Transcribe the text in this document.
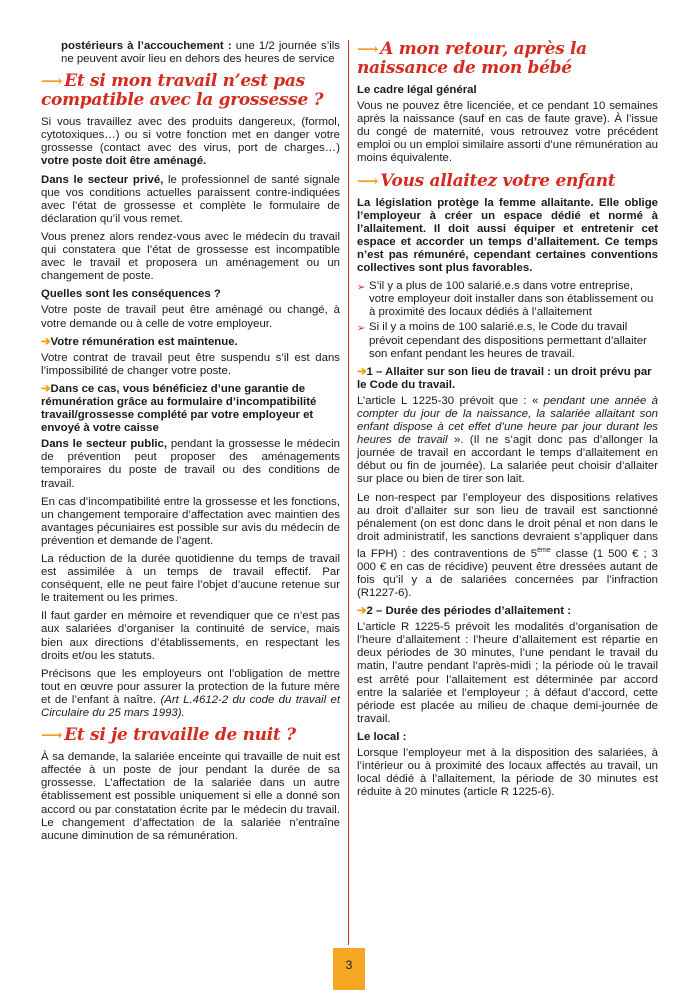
postérieurs à l’accouchement : une 1/2 journée s’ils ne peuvent avoir lieu en dehors des heures de service

⟶ Et si mon travail n’est pas compatible avec la grossesse ?

Si vous travaillez avec des produits dangereux, (formol, cytotoxiques…) ou si votre fonction met en danger votre grossesse (contact avec des virus, port de charges…) votre poste doit être aménagé.

Dans le secteur privé, le professionnel de santé signale que vos conditions actuelles paraissent contre-indiquées avec l’état de grossesse et complète le formulaire de déclaration qu’il vous remet.

Vous prenez alors rendez-vous avec le médecin du travail qui constatera que l’état de grossesse est incompatible avec le travail et proposera un aménagement ou un changement de poste.

Quelles sont les conséquences ?

Votre poste de travail peut être aménagé ou changé, à votre demande ou à celle de votre employeur.

➔Votre rémunération est maintenue.

Votre contrat de travail peut être suspendu s’il est dans l’impossibilité de changer votre poste.

➔Dans ce cas, vous bénéficiez d’une garantie de rémunération grâce au formulaire d’incompatibilité travail/grossesse complété par votre employeur et envoyé à votre caisse

Dans le secteur public, pendant la grossesse le médecin de prévention peut proposer des aménagements temporaires du poste de travail ou des conditions de travail.

En cas d’incompatibilité entre la grossesse et les fonctions, un changement temporaire d’affectation avec maintien des avantages pécuniaires est possible sur avis du médecin de prévention et demande de l’agent.

La réduction de la durée quotidienne du temps de travail est assimilée à un temps de travail effectif. Par conséquent, elle ne peut faire l’objet d’aucune retenue sur le traitement ou les primes.

Il faut garder en mémoire et revendiquer que ce n’est pas aux salariées d’organiser la continuité de service, mais bien aux directions d’établissements, en respectant les droits et/ou les statuts.

Précisons que les employeurs ont l’obligation de mettre tout en œuvre pour assurer la protection de la future mère et de l’enfant à naître. (Art L.4612-2 du code du travail et Circulaire du 25 mars 1993).

⟶ Et si je travaille de nuit ?

À sa demande, la salariée enceinte qui travaille de nuit est affectée à un poste de jour pendant la durée de sa grossesse. L’affectation de la salariée dans un autre établissement est possible uniquement si elle a donné son accord ou par constatation écrite par le médecin du travail. Le changement d’affectation de la salariée n’entraîne aucune diminution de sa rémunération.

⟶ A mon retour, après la naissance de mon bébé
Le cadre légal général

Vous ne pouvez être licenciée, et ce pendant 10 semaines après la naissance (sauf en cas de faute grave). À l’issue du congé de maternité, vous retrouvez votre précédent emploi ou un emploi similaire assorti d’une rémunération au moins équivalente.

⟶ Vous allaitez votre enfant

La législation protège la femme allaitante. Elle oblige l’employeur à créer un espace dédié et normé à l’allaitement. Il doit aussi équiper et entretenir cet espace et accorder un temps d’allaitement. Ce temps n’est pas rémunéré, cependant certaines conventions collectives sont plus favorables.

➢ S’il y a plus de 100 salarié.e.s dans votre entreprise, votre employeur doit installer dans son établissement ou à proximité des locaux dédiés à l’allaitement
➢ Si il y a moins de 100 salarié.e.s, le Code du travail prévoit cependant des dispositions permettant d’allaiter son enfant pendant les heures de travail.
➔1 – Allaiter sur son lieu de travail : un droit prévu par le Code du travail.

L’article L 1225-30 prévoit que : « pendant une année à compter du jour de la naissance, la salariée allaitant son enfant dispose à cet effet d’une heure par jour durant les heures de travail ». (Il ne s’agit donc pas d’allonger la journée de travail en accordant le temps d’allaitement en début ou fin de journée). La salariée peut choisir d’allaiter sur place ou bien de tirer son lait.

Le non-respect par l’employeur des dispositions relatives au droit d’allaiter sur son lieu de travail est sanctionné pénalement (on est donc dans le droit pénal et non dans le droit administratif, les sanctions devraient s’appliquer dans la FPH) : des contraventions de 5ème classe (1 500 € ; 3 000 € en cas de récidive) peuvent être dressées autant de fois qu’il y a de salariées concernées par l’infraction (R1227-6).

➔2 – Durée des périodes d’allaitement :

L’article R 1225-5 prévoit les modalités d’organisation de l’heure d’allaitement : l’heure d’allaitement est répartie en deux périodes de 30 minutes, l’une pendant le travail du matin, l’autre pendant l’après-midi ; la période où le travail est arrêté pour l’allaitement est déterminée par accord entre la salariée et l’employeur ; à défaut d’accord, cette période est placée au milieu de chaque demi-journée de travail.

Le local :

Lorsque l’employeur met à la disposition des salariées, à l’intérieur ou à proximité des locaux affectés au travail, un local dédié à l’allaitement, la période de 30 minutes est réduite à 20 minutes (article R 1225-6).

3
